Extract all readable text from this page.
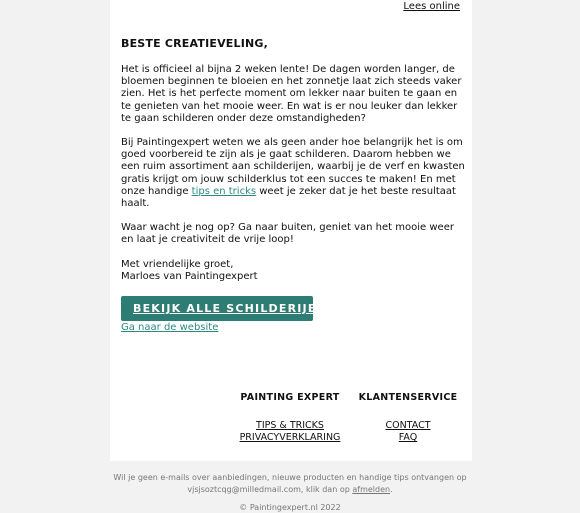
Lees online

BESTE CREATIEVELING,

Het is officieel al bijna 2 weken lente! De dagen worden langer, de bloemen beginnen te bloeien en het zonnetje laat zich steeds vaker zien. Het is het perfecte moment om lekker naar buiten te gaan en te genieten van het mooie weer. En wat is er nou leuker dan lekker te gaan schilderen onder deze omstandigheden?

Bij Paintingexpert weten we als geen ander hoe belangrijk het is om goed voorbereid te zijn als je gaat schilderen. Daarom hebben we een ruim assortiment aan schilderijen, waarbij je de verf en kwasten gratis krijgt om jouw schilderklus tot een succes te maken! En met onze handige tips en tricks weet je zeker dat je het beste resultaat haalt.

Waar wacht je nog op? Ga naar buiten, geniet van het mooie weer en laat je creativiteit de vrije loop!

Met vriendelijke groet,

Marloes van Paintingexpert

BEKIJK ALLE SCHILDERIJEN
Ga naar de website
PAINTING EXPERT
TIPS & TRICKS
PRIVACYVERKLARING
KLANTENSERVICE
CONTACT
FAQ
Wil je geen e-mails over aanbiedingen, nieuwe producten en handige tips ontvangen op
vjsjsoztcqg@milledmail.com, klik dan op afmelden.
© Paintingexpert.nl 2022
